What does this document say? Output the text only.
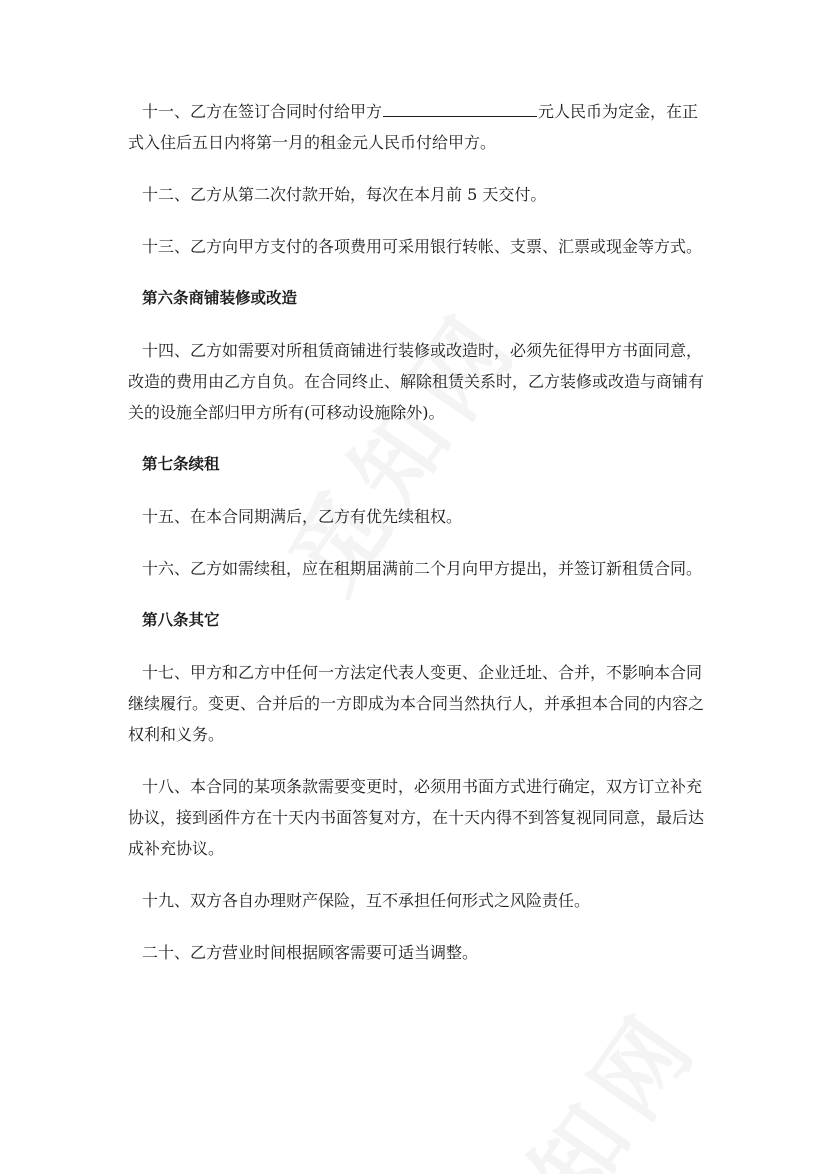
十一、乙方在签订合同时付给甲方	元人民币为定金，在正式入住后五日内将第一月的租金元人民币付给甲方。

十二、乙方从第二次付款开始，每次在本月前 5 天交付。

十三、乙方向甲方支付的各项费用可采用银行转帐、支票、汇票或现金等方式。

第六条商铺装修或改造

十四、乙方如需要对所租赁商铺进行装修或改造时，必须先征得甲方书面同意，改造的费用由乙方自负。在合同终止、解除租赁关系时，乙方装修或改造与商铺有关的设施全部归甲方所有(可移动设施除外)。

第七条续租

十五、在本合同期满后，乙方有优先续租权。

十六、乙方如需续租，应在租期届满前二个月向甲方提出，并签订新租赁合同。

第八条其它

十七、甲方和乙方中任何一方法定代表人变更、企业迁址、合并，不影响本合同继续履行。变更、合并后的一方即成为本合同当然执行人，并承担本合同的内容之权利和义务。

十八、本合同的某项条款需要变更时，必须用书面方式进行确定，双方订立补充协议，接到函件方在十天内书面答复对方，在十天内得不到答复视同同意，最后达成补充协议。

十九、双方各自办理财产保险，互不承担任何形式之风险责任。

二十、乙方营业时间根据顾客需要可适当调整。
